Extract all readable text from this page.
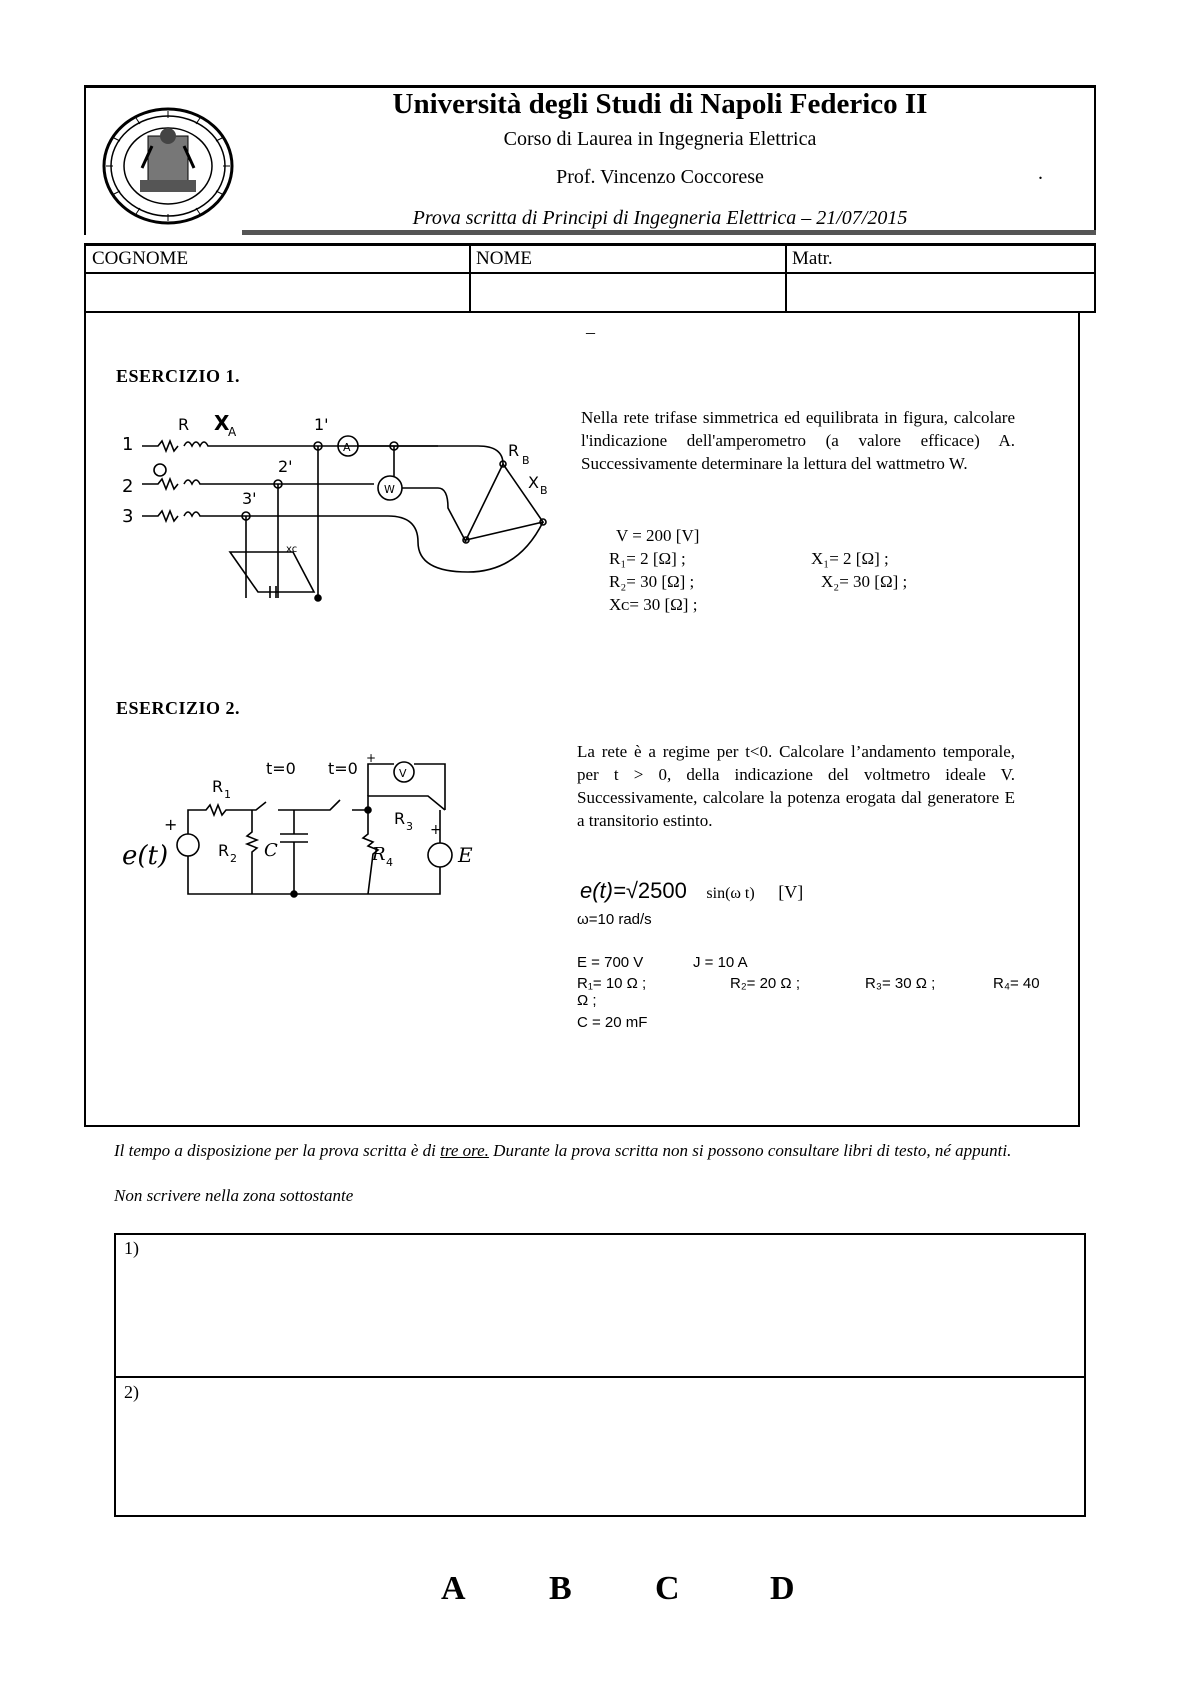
Università degli Studi di Napoli Federico II
Corso di Laurea in Ingegneria Elettrica
Prof. Vincenzo Coccorese	.
Prova scritta di Principi di Ingegneria Elettrica – 21/07/2015
COGNOME	NOME	Matr.
–
ESERCIZIO 1.
1
2
3
R X
A	1'
A
2'
W
3'
R
B
X B
xc
Nella rete trifase simmetrica ed equilibrata in figura, calcolare l'indicazione dell'amperometro (a valore efficace) A. Successivamente determinare la lettura del wattmetro W.
V = 200 [V]
R₁= 2 [Ω] ;	X₁= 2 [Ω] ;
R₂= 30 [Ω] ;	X₂= 30 [Ω] ;
Xᴄ= 30 [Ω] ;
ESERCIZIO 2.
e(t)
+
R 1
t=0 t=0	V
+
R 3
R 2 C	R 4
+
E
La rete è a regime per t<0. Calcolare l’andamento temporale, per t > 0, della indicazione del voltmetro ideale V. Successivamente, calcolare la potenza erogata dal generatore E a transitorio estinto.
e(t)=√2500 sin(ω t) [V]
ω=10 rad/s
E = 700 V	J = 10 A
R₁= 10 Ω ;	R₂= 20 Ω ;	R₃= 30 Ω ;	R₄= 40
Ω ;
C = 20 mF
Il tempo a disposizione per la prova scritta è di tre ore. Durante la prova scritta non si possono consultare libri di testo, né appunti.
Non scrivere nella zona sottostante
1)
2)
A B C	D
